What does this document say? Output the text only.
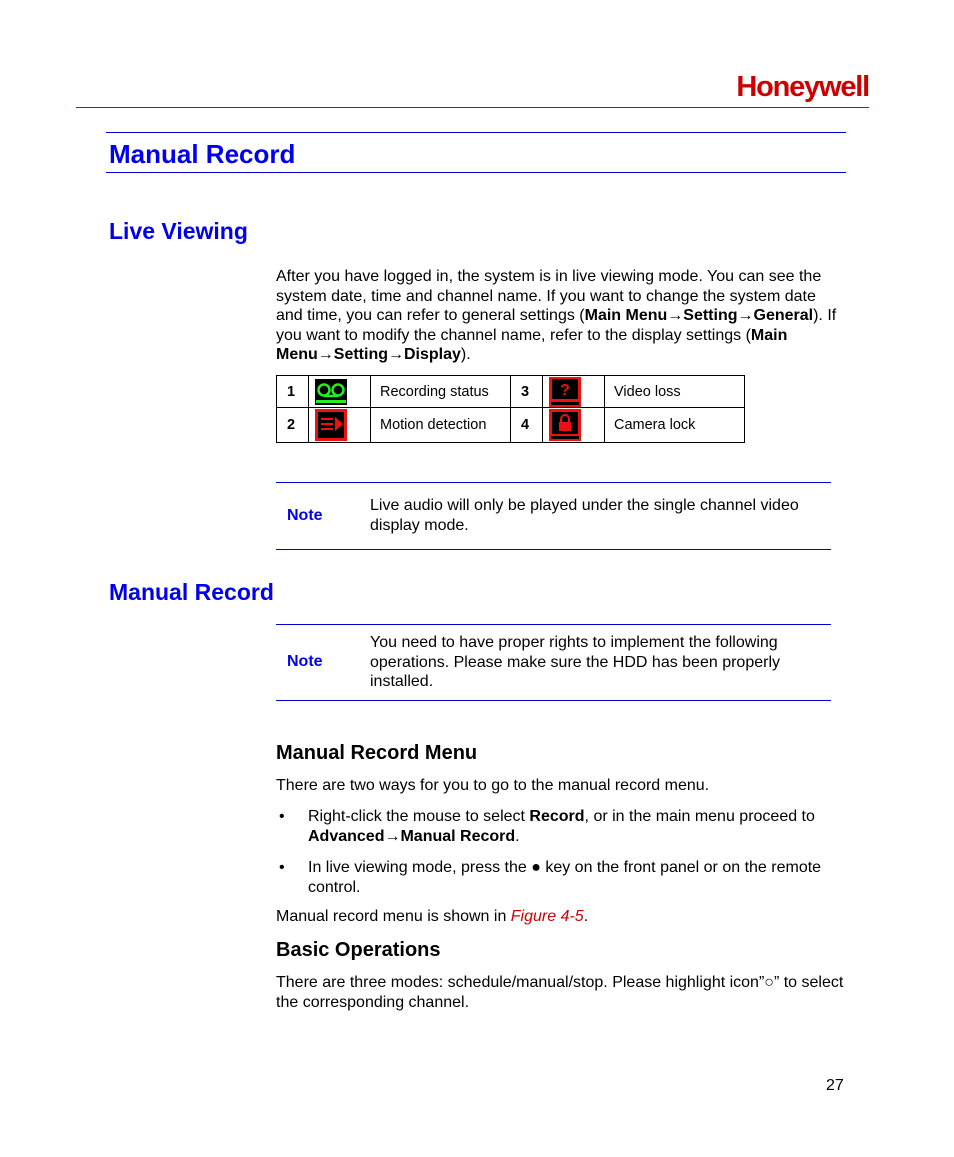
Honeywell
Manual Record
Live Viewing
After you have logged in, the system is in live viewing mode. You can see the system date, time and channel name. If you want to change the system date and time, you can refer to general settings (Main Menu→Setting→General). If you want to modify the channel name, refer to the display settings (Main Menu→Setting→Display).
1		Recording status	3	?	Video loss
2		Motion detection	4		Camera lock
Note
Live audio will only be played under the single channel video display mode.
Manual Record
Note
You need to have proper rights to implement the following operations. Please make sure the HDD has been properly installed.
Manual Record Menu
There are two ways for you to go to the manual record menu.
• Right-click the mouse to select Record, or in the main menu proceed to Advanced→Manual Record.
• In live viewing mode, press the ● key on the front panel or on the remote control.
Manual record menu is shown in Figure 4-5.
Basic Operations
There are three modes: schedule/manual/stop. Please highlight icon”○” to select the corresponding channel.
27
